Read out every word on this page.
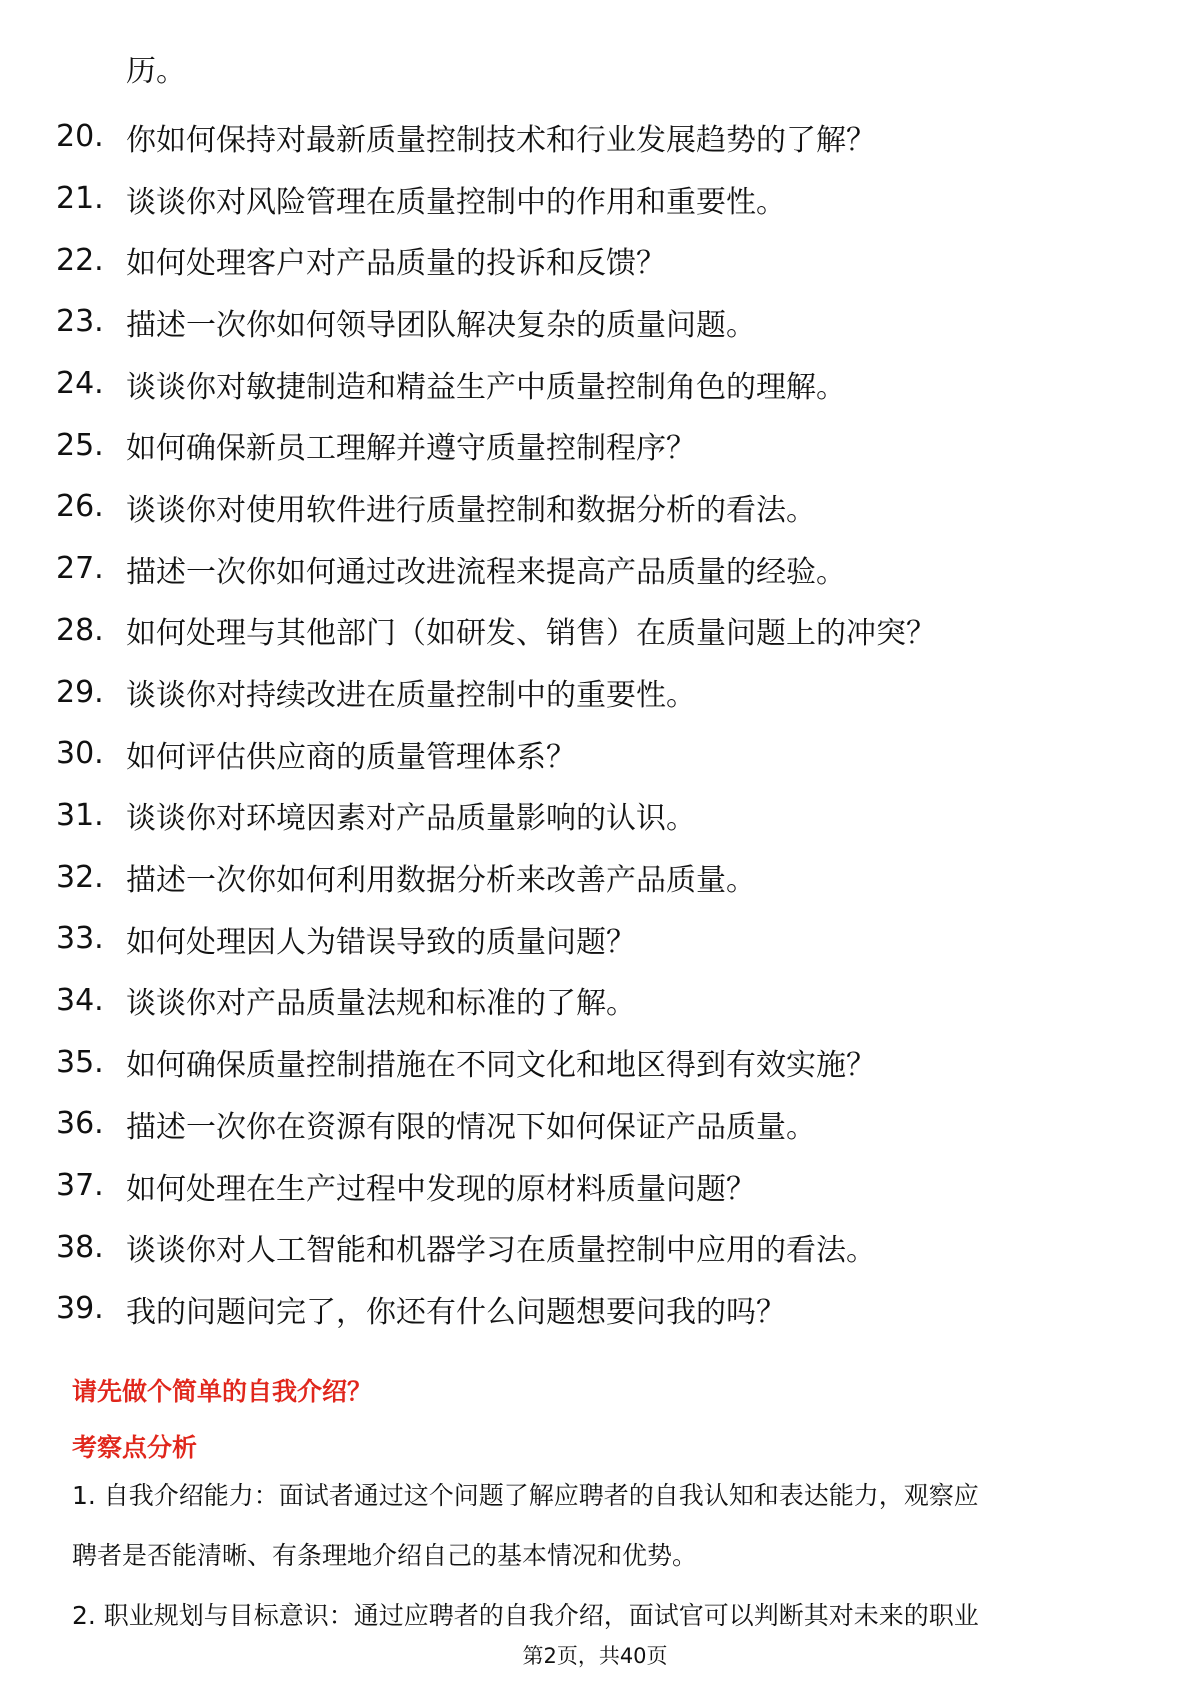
历。
20. 你如何保持对最新质量控制技术和行业发展趋势的了解？
21. 谈谈你对风险管理在质量控制中的作用和重要性。
22. 如何处理客户对产品质量的投诉和反馈？
23. 描述一次你如何领导团队解决复杂的质量问题。
24. 谈谈你对敏捷制造和精益生产中质量控制角色的理解。
25. 如何确保新员工理解并遵守质量控制程序？
26. 谈谈你对使用软件进行质量控制和数据分析的看法。
27. 描述一次你如何通过改进流程来提高产品质量的经验。
28. 如何处理与其他部门（如研发、销售）在质量问题上的冲突？
29. 谈谈你对持续改进在质量控制中的重要性。
30. 如何评估供应商的质量管理体系？
31. 谈谈你对环境因素对产品质量影响的认识。
32. 描述一次你如何利用数据分析来改善产品质量。
33. 如何处理因人为错误导致的质量问题？
34. 谈谈你对产品质量法规和标准的了解。
35. 如何确保质量控制措施在不同文化和地区得到有效实施？
36. 描述一次你在资源有限的情况下如何保证产品质量。
37. 如何处理在生产过程中发现的原材料质量问题？
38. 谈谈你对人工智能和机器学习在质量控制中应用的看法。
39. 我的问题问完了，你还有什么问题想要问我的吗？
请先做个简单的自我介绍？
考察点分析
1. 自我介绍能力：面试者通过这个问题了解应聘者的自我认知和表达能力，观察应
聘者是否能清晰、有条理地介绍自己的基本情况和优势。
2. 职业规划与目标意识：通过应聘者的自我介绍，面试官可以判断其对未来的职业
第2页，共40页
